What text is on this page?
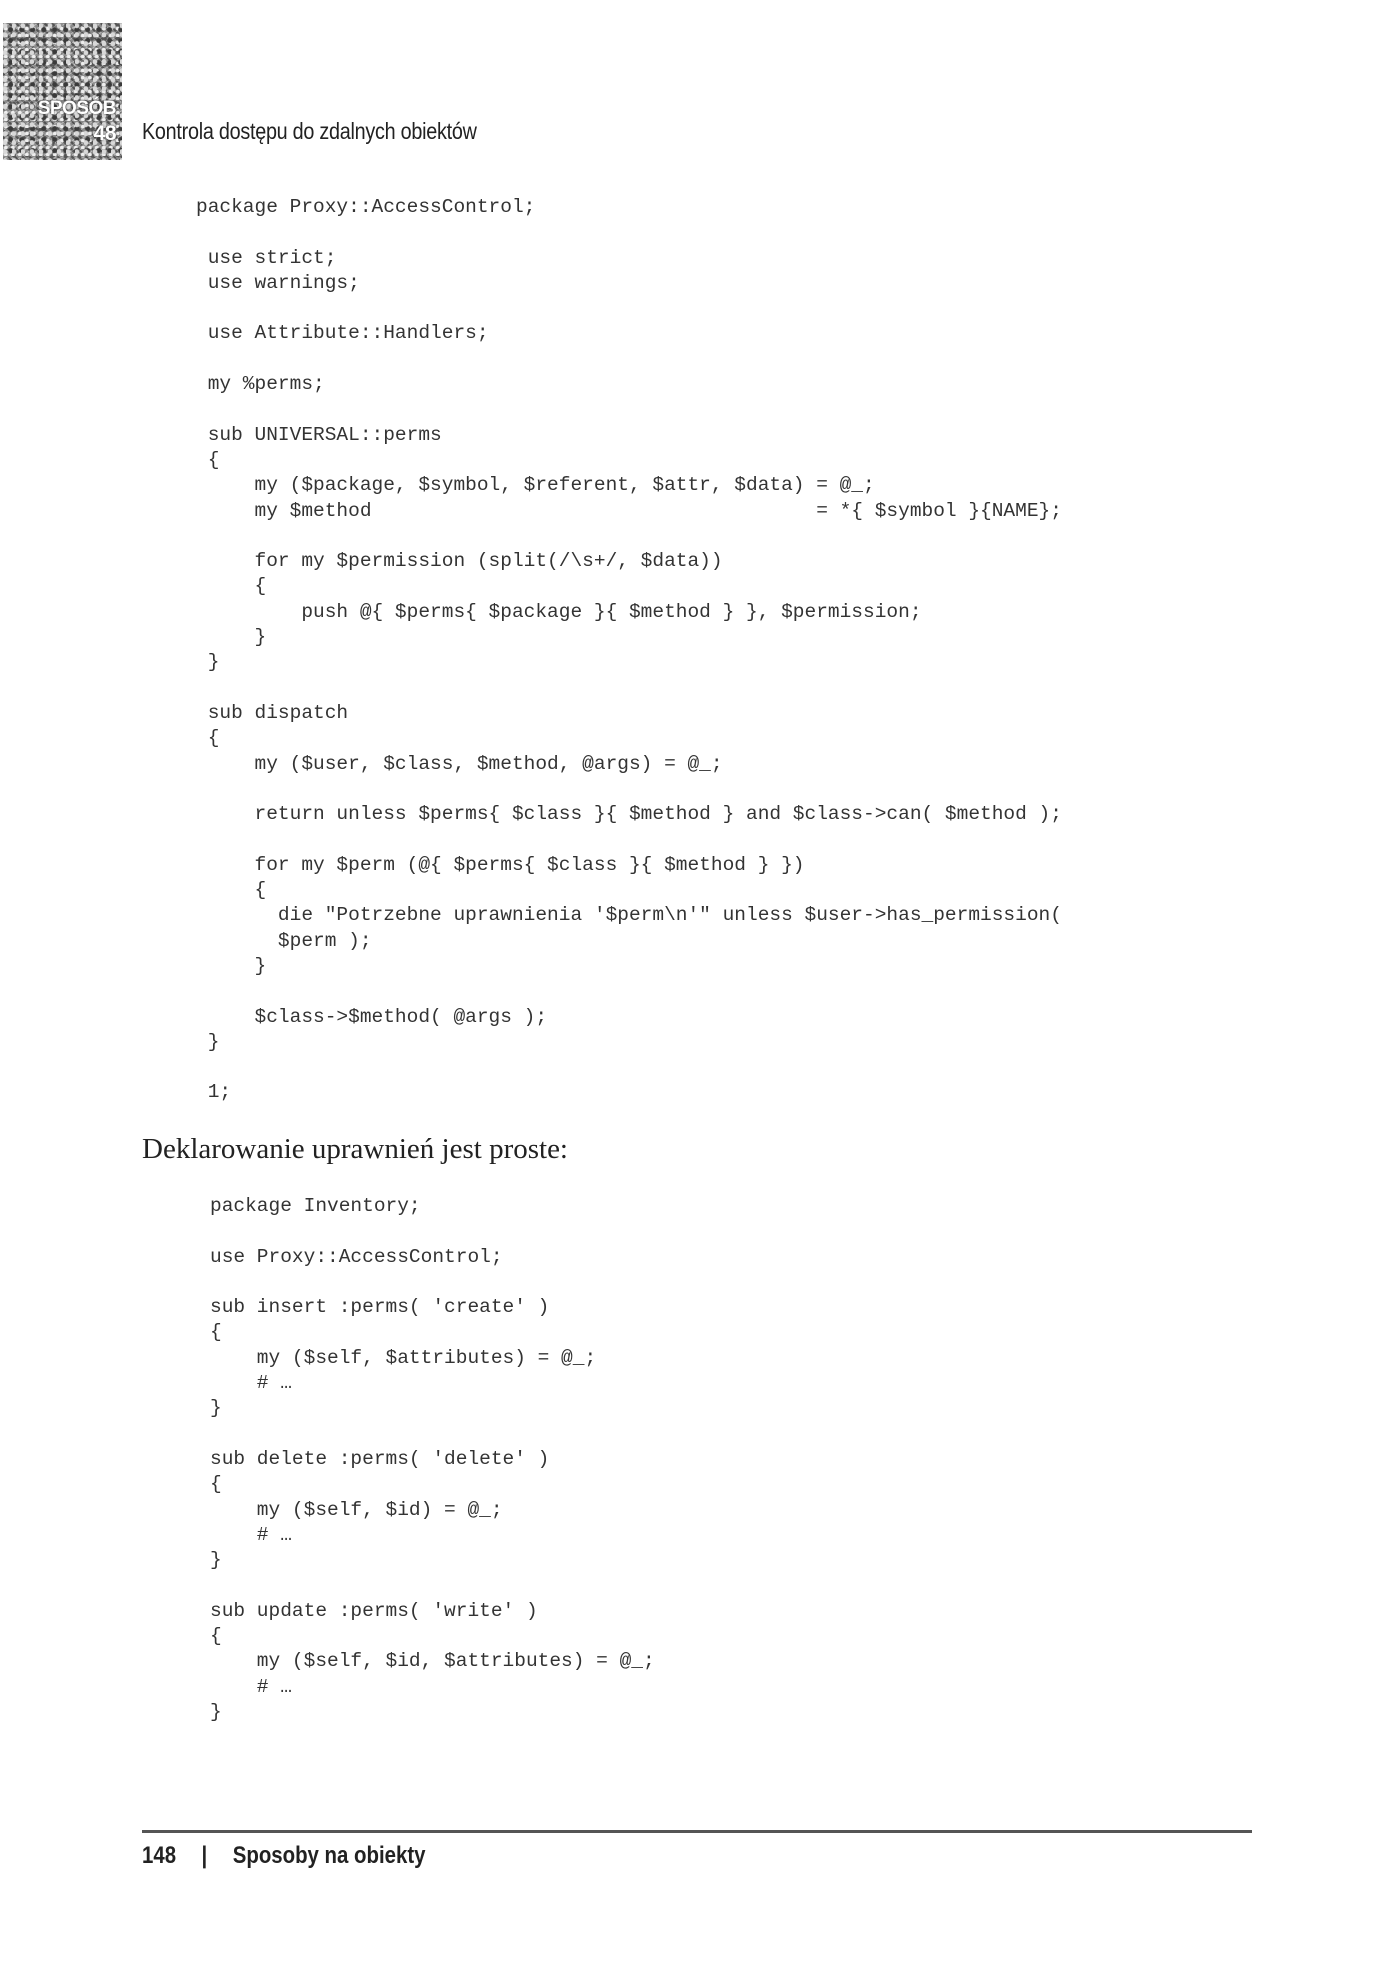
SPOSÓB
48 Kontrola dostępu do zdalnych obiektów
package Proxy::AccessControl;

use strict;
use warnings;

use Attribute::Handlers;

my %perms;

sub UNIVERSAL::perms
{
my ($package, $symbol, $referent, $attr, $data) = @_;
my $method                                      = *{ $symbol }{NAME};

for my $permission (split(/\s+/, $data))
{
push @{ $perms{ $package }{ $method } }, $permission;
}
}

sub dispatch
{
my ($user, $class, $method, @args) = @_;

return unless $perms{ $class }{ $method } and $class->can( $method );

for my $perm (@{ $perms{ $class }{ $method } })
{
die "Potrzebne uprawnienia '$perm\n'" unless $user->has_permission(
$perm );
}

$class->$method( @args );
}

1;
Deklarowanie uprawnień jest proste:
package Inventory;

use Proxy::AccessControl;

sub insert :perms( 'create' )
{
my ($self, $attributes) = @_;
# …
}

sub delete :perms( 'delete' )
{
my ($self, $id) = @_;
# …
}

sub update :perms( 'write' )
{
my ($self, $id, $attributes) = @_;
# …
}
148 | Sposoby na obiekty
